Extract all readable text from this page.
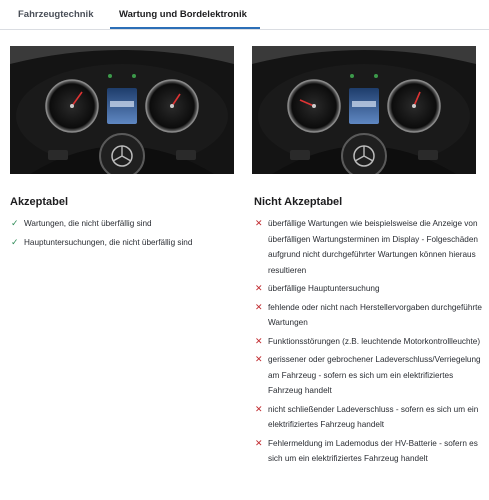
Fahrzeugtechnik	Wartung und Bordelektronik
Akzeptabel
✓ Wartungen, die nicht überfällig sind
✓ Hauptuntersuchungen, die nicht überfällig sind
Nicht Akzeptabel
✕ überfällige Wartungen wie beispielsweise die Anzeige von überfälligen Wartungsterminen im Display - Folgeschäden aufgrund nicht durchgeführter Wartungen können hieraus resultieren
✕ überfällige Hauptuntersuchung
✕ fehlende oder nicht nach Herstellervorgaben durchgeführte Wartungen
✕ Funktionsstörungen (z.B. leuchtende Motorkontrollleuchte)
✕ gerissener oder gebrochener Ladeverschluss/Verriegelung am Fahrzeug - sofern es sich um ein elektrifiziertes Fahrzeug handelt
✕ nicht schließender Ladeverschluss - sofern es sich um ein elektrifiziertes Fahrzeug handelt
✕ Fehlermeldung im Lademodus der HV-Batterie - sofern es sich um ein elektrifiziertes Fahrzeug handelt
